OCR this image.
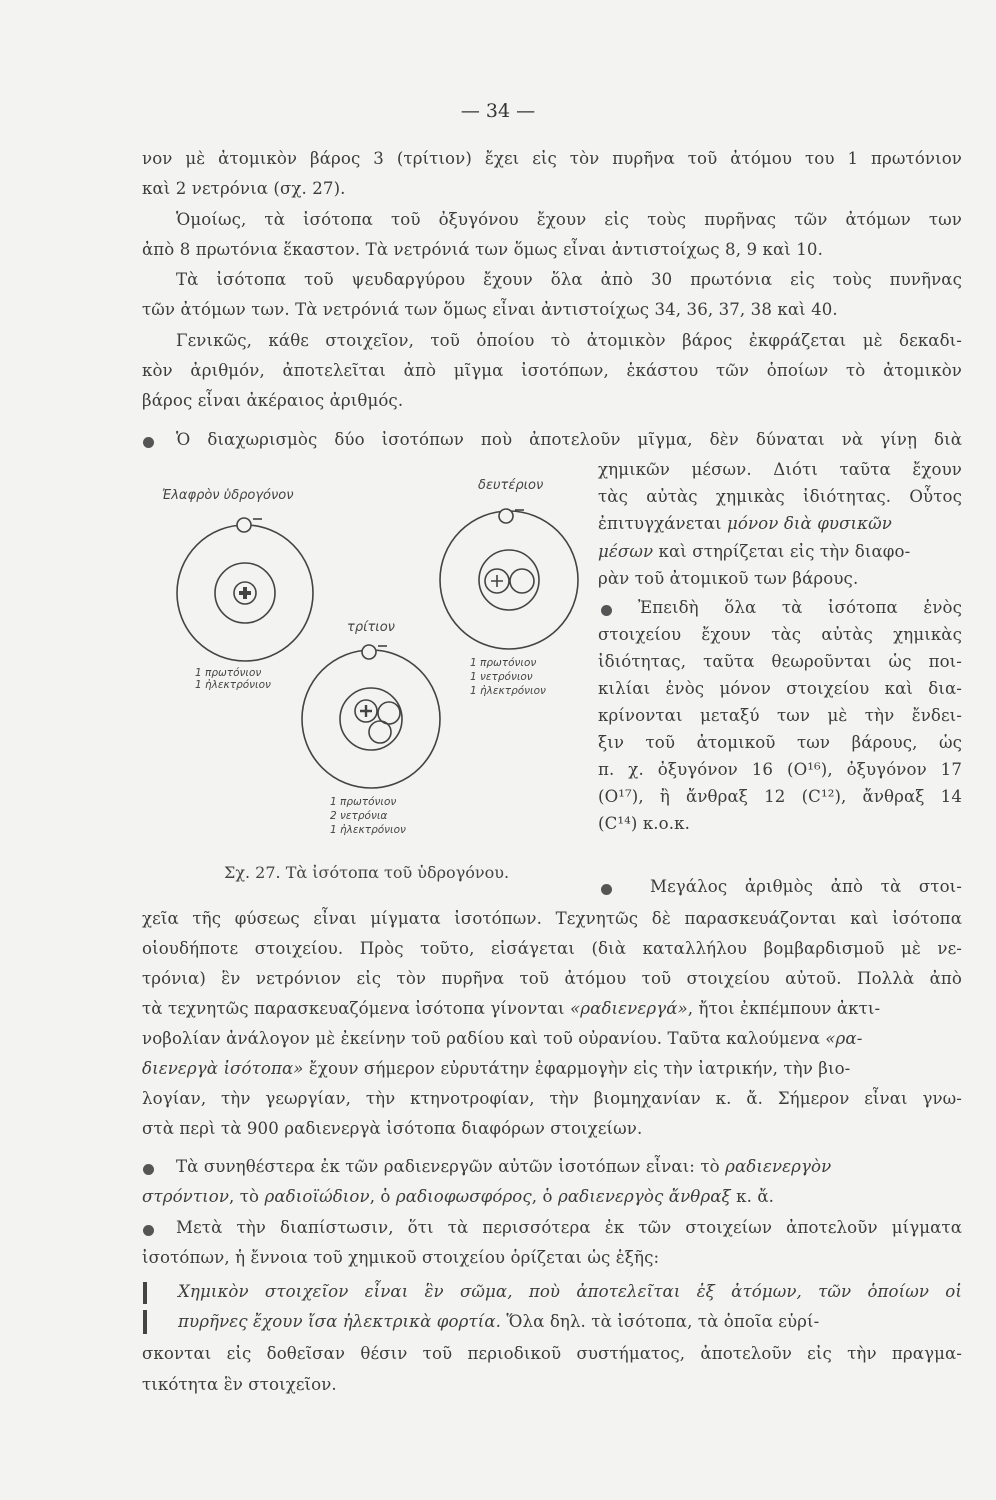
— 34 —
νον μὲ ἀτομικὸν βάρος 3 (τρίτιον) ἔχει εἰς τὸν πυρῆνα τοῦ ἀτόμου του 1 πρωτόνιον
καὶ 2 νετρόνια (σχ. 27).
Ὁμοίως, τὰ ἰσότοπα τοῦ ὀξυγόνου ἔχουν εἰς τοὺς πυρῆνας τῶν ἀτόμων των
ἀπὸ 8 πρωτόνια ἕκαστον. Τὰ νετρόνιά των ὅμως εἶναι ἀντιστοίχως 8, 9 καὶ 10.
Τὰ ἰσότοπα τοῦ ψευδαργύρου ἔχουν ὅλα ἀπὸ 30 πρωτόνια εἰς τοὺς πυνῆνας
τῶν ἀτόμων των. Τὰ νετρόνιά των ὅμως εἶναι ἀντιστοίχως 34, 36, 37, 38 καὶ 40.
Γενικῶς, κάθε στοιχεῖον, τοῦ ὁποίου τὸ ἀτομικὸν βάρος ἐκφράζεται μὲ δεκαδι-
κὸν ἀριθμόν, ἀποτελεῖται ἀπὸ μῖγμα ἰσοτόπων, ἑκάστου τῶν ὁποίων τὸ ἀτομικὸν
βάρος εἶναι ἀκέραιος ἀριθμός.
Ὁ διαχωρισμὸς δύο ἰσοτόπων ποὺ ἀποτελοῦν μῖγμα, δὲν δύναται νὰ γίνῃ διὰ
χημικῶν μέσων. Διότι ταῦτα ἔχουν
τὰς αὐτὰς χημικὰς ἰδιότητας. Οὗτος
ἐπιτυγχάνεται μόνον διὰ φυσικῶν
μέσων καὶ στηρίζεται εἰς τὴν διαφο-
ρὰν τοῦ ἀτομικοῦ των βάρους.
Ἐπειδὴ ὅλα τὰ ἰσότοπα ἑνὸς
στοιχείου ἔχουν τὰς αὐτὰς χημικὰς
ἰδιότητας, ταῦτα θεωροῦνται ὡς ποι-
κιλίαι ἑνὸς μόνον στοιχείου καὶ δια-
κρίνονται μεταξύ των μὲ τὴν ἔνδει-
ξιν τοῦ ἀτομικοῦ των βάρους, ὡς
π. χ. ὀξυγόνον 16 (O¹⁶), ὀξυγόνον 17
(O¹⁷), ἢ ἄνθραξ 12 (C¹²), ἄνθραξ 14
(C¹⁴) κ.ο.κ.
Μεγάλος ἀριθμὸς ἀπὸ τὰ στοι-
χεῖα τῆς φύσεως εἶναι μίγματα ἰσοτόπων. Τεχνητῶς δὲ παρασκευάζονται καὶ ἰσότοπα
οἱουδήποτε στοιχείου. Πρὸς τοῦτο, εἰσάγεται (διὰ καταλλήλου βομβαρδισμοῦ μὲ νε-
τρόνια) ἓν νετρόνιον εἰς τὸν πυρῆνα τοῦ ἀτόμου τοῦ στοιχείου αὐτοῦ. Πολλὰ ἀπὸ
τὰ τεχνητῶς παρασκευαζόμενα ἰσότοπα γίνονται «ραδιενεργά», ἤτοι ἐκπέμπουν ἀκτι-
νοβολίαν ἀνάλογον μὲ ἐκείνην τοῦ ραδίου καὶ τοῦ οὐρανίου. Ταῦτα καλούμενα «ρα-
διενεργὰ ἰσότοπα» ἔχουν σήμερον εὐρυτάτην ἐφαρμογὴν εἰς τὴν ἰατρικήν, τὴν βιο-
λογίαν, τὴν γεωργίαν, τὴν κτηνοτροφίαν, τὴν βιομηχανίαν κ. ἄ. Σήμερον εἶναι γνω-
στὰ περὶ τὰ 900 ραδιενεργὰ ἰσότοπα διαφόρων στοιχείων.
Τὰ συνηθέστερα ἐκ τῶν ραδιενεργῶν αὐτῶν ἰσοτόπων εἶναι: τὸ ραδιενεργὸν
στρόντιον, τὸ ραδιοϊώδιον, ὁ ραδιοφωσφόρος, ὁ ραδιενεργὸς ἄνθραξ κ. ἄ.
Μετὰ τὴν διαπίστωσιν, ὅτι τὰ περισσότερα ἐκ τῶν στοιχείων ἀποτελοῦν μίγματα
ἰσοτόπων, ἡ ἔννοια τοῦ χημικοῦ στοιχείου ὁρίζεται ὡς ἑξῆς:
Χημικὸν στοιχεῖον εἶναι ἓν σῶμα, ποὺ ἀποτελεῖται ἐξ ἀτόμων, τῶν ὁποίων οἱ
πυρῆνες ἔχουν ἴσα ἠλεκτρικὰ φορτία. Ὅλα δηλ. τὰ ἰσότοπα, τὰ ὁποῖα εὑρί-
σκονται εἰς δοθεῖσαν θέσιν τοῦ περιοδικοῦ συστήματος, ἀποτελοῦν εἰς τὴν πραγμα-
τικότητα ἓν στοιχεῖον.
Ἐλαφρὸν ὑδρογόνον
δευτέριον
τρίτιον
1 πρωτόνιον
1 ἠλεκτρόνιον
1 πρωτόνιον
1 νετρόνιον
1 ἠλεκτρόνιον
1 πρωτόνιον
2 νετρόνια
1 ἠλεκτρόνιον
Σχ. 27. Τὰ ἰσότοπα τοῦ ὑδρογόνου.
